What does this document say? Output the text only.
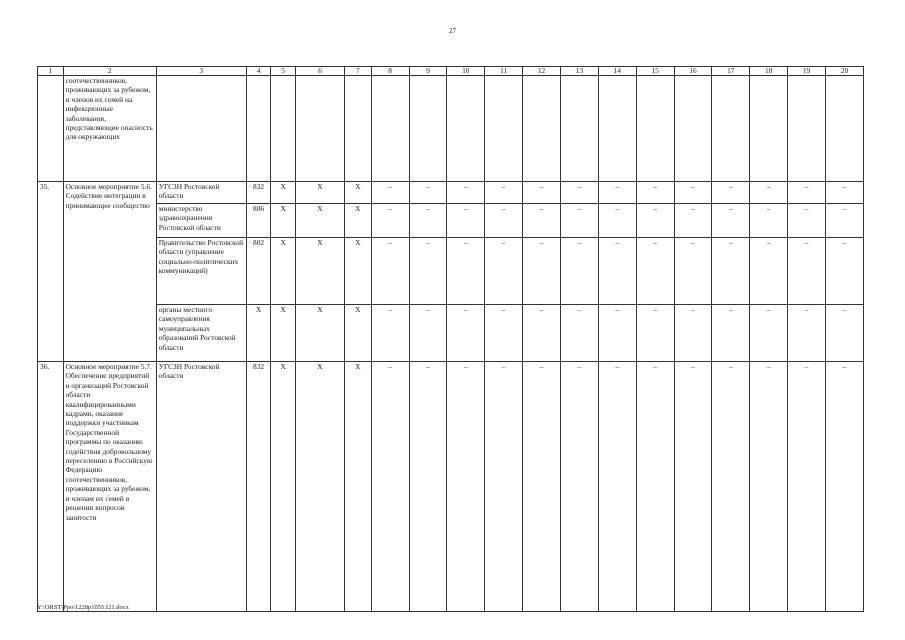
27
1	2	3	4	5	6	7	8	9	10	11	12	13	14	15	16	17	18	19	20
	соотечественников, проживающих за рубежом, и членов их семей на инфекционные заболевания, представляющие опасность для окружающих																		
35.	Основное мероприятие 5.6. Содействие интеграции в принимающее сообщество	УГСЗН Ростовской области	832	X	X	X	–	–	–	–	–	–	–	–	–	–	–	–	–
		министерство здравоохранения Ростовской области	806	X	X	X	–	–	–	–	–	–	–	–	–	–	–	–	–
		Правительство Ростовской области (управление социально-политических коммуникаций)	802	X	X	X	–	–	–	–	–	–	–	–	–	–	–	–	–
		органы местного самоуправления муниципальных образований Ростовской области	X	X	X	X	–	–	–	–	–	–	–	–	–	–	–	–	–
36.	Основное мероприятие 5.7. Обеспечение предприятий и организаций Ростовской области квалифицированными кадрами, оказание поддержки участникам Государственной программы по оказанию содействия добровольному переселению в Российскую Федерацию соотечественников, проживающих за рубежом, и членам их семей в решении вопросов занятости	УГСЗН Ростовской области	832	X	X	X	–	–	–	–	–	–	–	–	–	–	–	–	–
Y:\ORST\Ppo\1228p1055.f21.docx
